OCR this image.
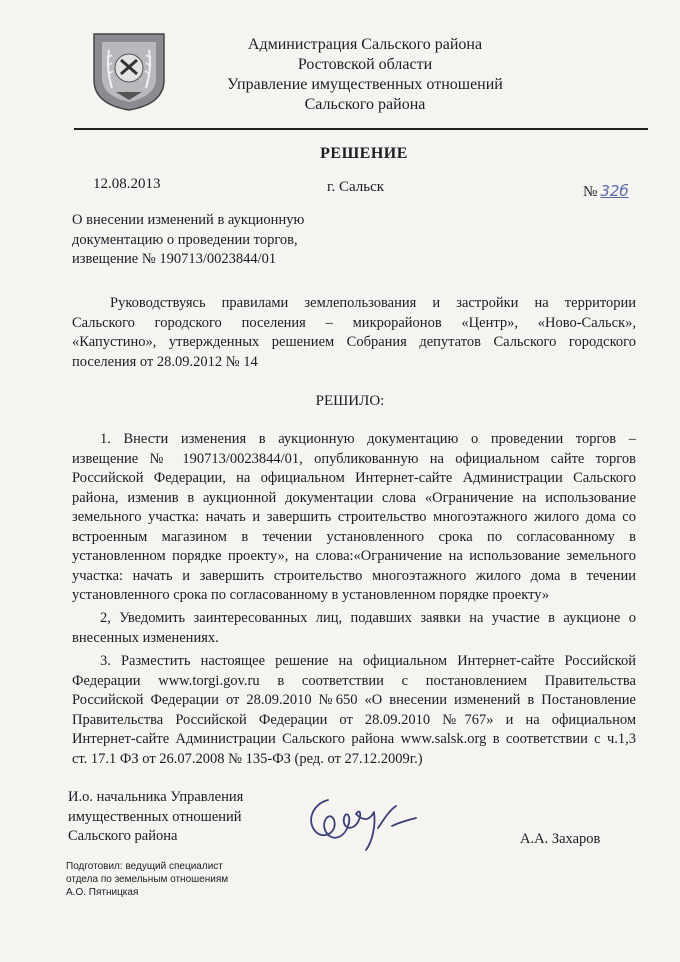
Администрация Сальского района
Ростовской области
Управление имущественных отношений
Сальского района
РЕШЕНИЕ
12.08.2013	г. Сальск	№ 32б
О внесении изменений в аукционную
документацию о проведении торгов,
извещение № 190713/0023844/01
Руководствуясь правилами землепользования и застройки на территории
Сальского городского поселения – микрорайонов «Центр», «Ново-Сальск»,
«Капустино», утвержденных решением Собрания депутатов Сальского городского
поселения от 28.09.2012 № 14
РЕШИЛО:
1. Внести изменения в аукционную документацию о проведении торгов –
извещение № 190713/0023844/01, опубликованную на официальном сайте торгов
Российской Федерации, на официальном Интернет-сайте Администрации Сальского
района, изменив в аукционной документации слова «Ограничение на использование
земельного участка: начать и завершить строительство многоэтажного жилого дома со
встроенным магазином в течении установленного срока по согласованному в
установленном порядке проекту», на слова:«Ограничение на использование земельного
участка: начать и завершить строительство многоэтажного жилого дома в течении
установленного срока по согласованному в установленном порядке проекту»
2, Уведомить заинтересованных лиц, подавших заявки на участие в аукционе о
внесенных изменениях.
3. Разместить настоящее решение на официальном Интернет-сайте Российской
Федерации www.torgi.gov.ru в соответствии с постановлением Правительства
Российской Федерации от 28.09.2010 №650 «О внесении изменений в Постановление
Правительства Российской Федерации от 28.09.2010 №767» и на официальном
Интернет-сайте Администрации Сальского района www.salsk.org в соответствии с ч.1,3
ст. 17.1 ФЗ от 26.07.2008 № 135-ФЗ (ред. от 27.12.2009г.)
И.о. начальника Управления
имущественных отношений
Сальского района	А.А. Захаров
Подготовил: ведущий специалист
отдела по земельным отношениям
А.О. Пятницкая
